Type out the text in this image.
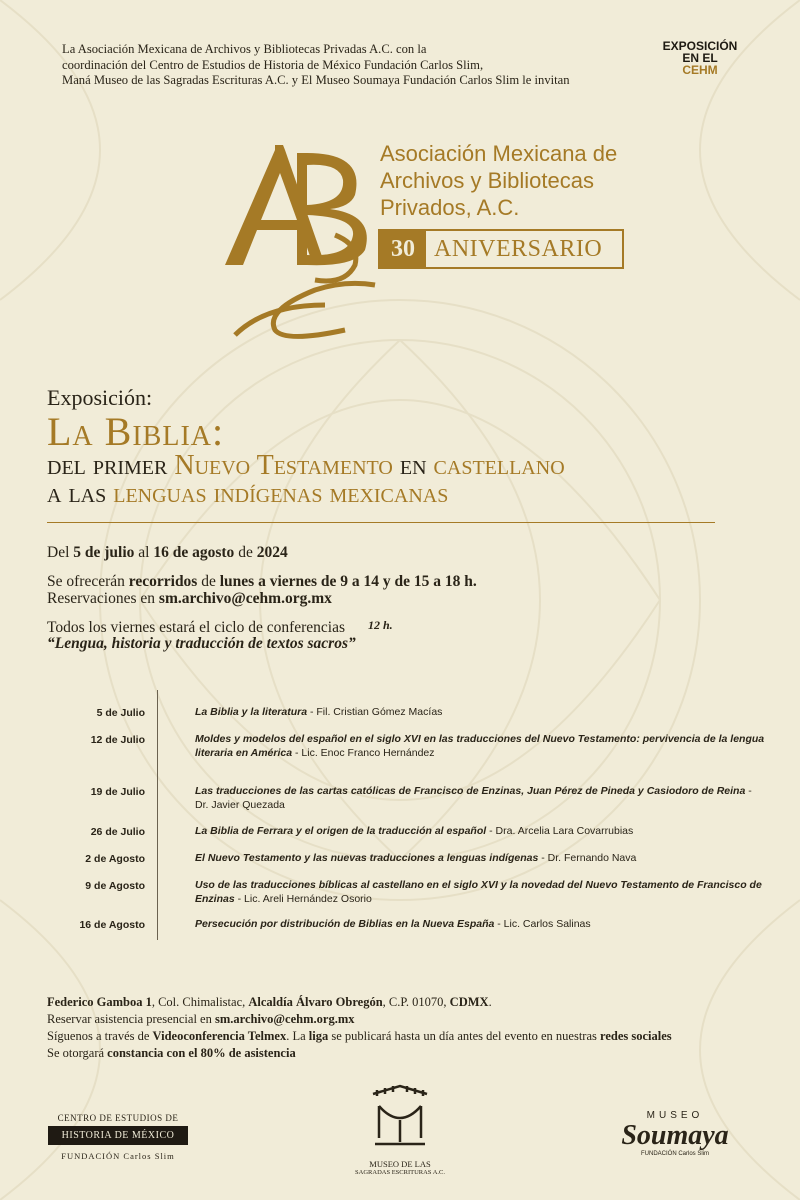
La Asociación Mexicana de Archivos y Bibliotecas Privadas A.C. con la
coordinación del Centro de Estudios de Historia de México Fundación Carlos Slim,
Maná Museo de las Sagradas Escrituras A.C. y El Museo Soumaya Fundación Carlos Slim le invitan
EXPOSICIÓN
EN EL
CEHM
Asociación Mexicana de
Archivos y Bibliotecas
Privados, A.C.
30 ANIVERSARIO
Exposición:
La Biblia:
del primer Nuevo Testamento en castellano
a las lenguas indígenas mexicanas
Del 5 de julio al 16 de agosto de 2024
Se ofrecerán recorridos de lunes a viernes de 9 a 14 y de 15 a 18 h.
Reservaciones en sm.archivo@cehm.org.mx
Todos los viernes estará el ciclo de conferencias 12 h.
“Lengua, historia y traducción de textos sacros”
5 de Julio	La Biblia y la literatura - Fil. Cristian Gómez Macías
12 de Julio	Moldes y modelos del español en el siglo XVI en las traducciones del Nuevo Testamento: pervivencia de la lengua literaria en América - Lic. Enoc Franco Hernández
19 de Julio	Las traducciones de las cartas católicas de Francisco de Enzinas, Juan Pérez de Pineda y Casiodoro de Reina - Dr. Javier Quezada
26 de Julio	La Biblia de Ferrara y el origen de la traducción al español - Dra. Arcelia Lara Covarrubias
2 de Agosto	El Nuevo Testamento y las nuevas traducciones a lenguas indígenas - Dr. Fernando Nava
9 de Agosto	Uso de las traducciones bíblicas al castellano en el siglo XVI y la novedad del Nuevo Testamento de Francisco de Enzinas - Lic. Areli Hernández Osorio
16 de Agosto	Persecución por distribución de Biblias en la Nueva España - Lic. Carlos Salinas
Federico Gamboa 1, Col. Chimalistac, Alcaldía Álvaro Obregón, C.P. 01070, CDMX.
Reservar asistencia presencial en sm.archivo@cehm.org.mx
Síguenos a través de Videoconferencia Telmex. La liga se publicará hasta un día antes del evento en nuestras redes sociales
Se otorgará constancia con el 80% de asistencia
CENTRO DE ESTUDIOS DE
HISTORIA DE MÉXICO
FUNDACIÓN Carlos Slim
MUSEO DE LAS
SAGRADAS ESCRITURAS A.C.
MUSEO
Soumaya
FUNDACIÓN Carlos Slim
